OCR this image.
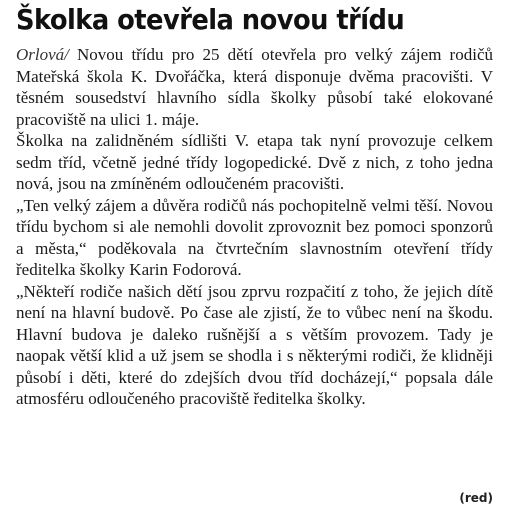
Školka otevřela novou třídu

Orlová/ Novou třídu pro 25 dětí otevřela pro velký zájem rodičů Mateřská škola K. Dvořáčka, která disponuje dvěma pracovišti. V těsném sousedství hlavního sídla školky působí také elokované pracoviště na ulici 1. máje.

Školka na zalidněném sídlišti V. etapa tak nyní provozuje celkem sedm tříd, včetně jedné třídy logopedické. Dvě z nich, z toho jedna nová, jsou na zmíněném odloučeném pracovišti.

„Ten velký zájem a důvěra rodičů nás pochopitelně velmi těší. Novou třídu bychom si ale nemohli dovolit zprovoznit bez pomoci sponzorů a města,“ poděkovala na čtvrtečním slavnostním otevření třídy ředitelka školky Karin Fodorová.

„Někteří rodiče našich dětí jsou zprvu rozpačití z toho, že jejich dítě není na hlavní budově. Po čase ale zjistí, že to vůbec není na škodu. Hlavní budova je daleko rušnější a s větším provozem. Tady je naopak větší klid a už jsem se shodla i s některými rodiči, že klidněji působí i děti, které do zdejších dvou tříd docházejí,“ popsala dále atmosféru odloučeného pracoviště ředitelka školky.

(red)
